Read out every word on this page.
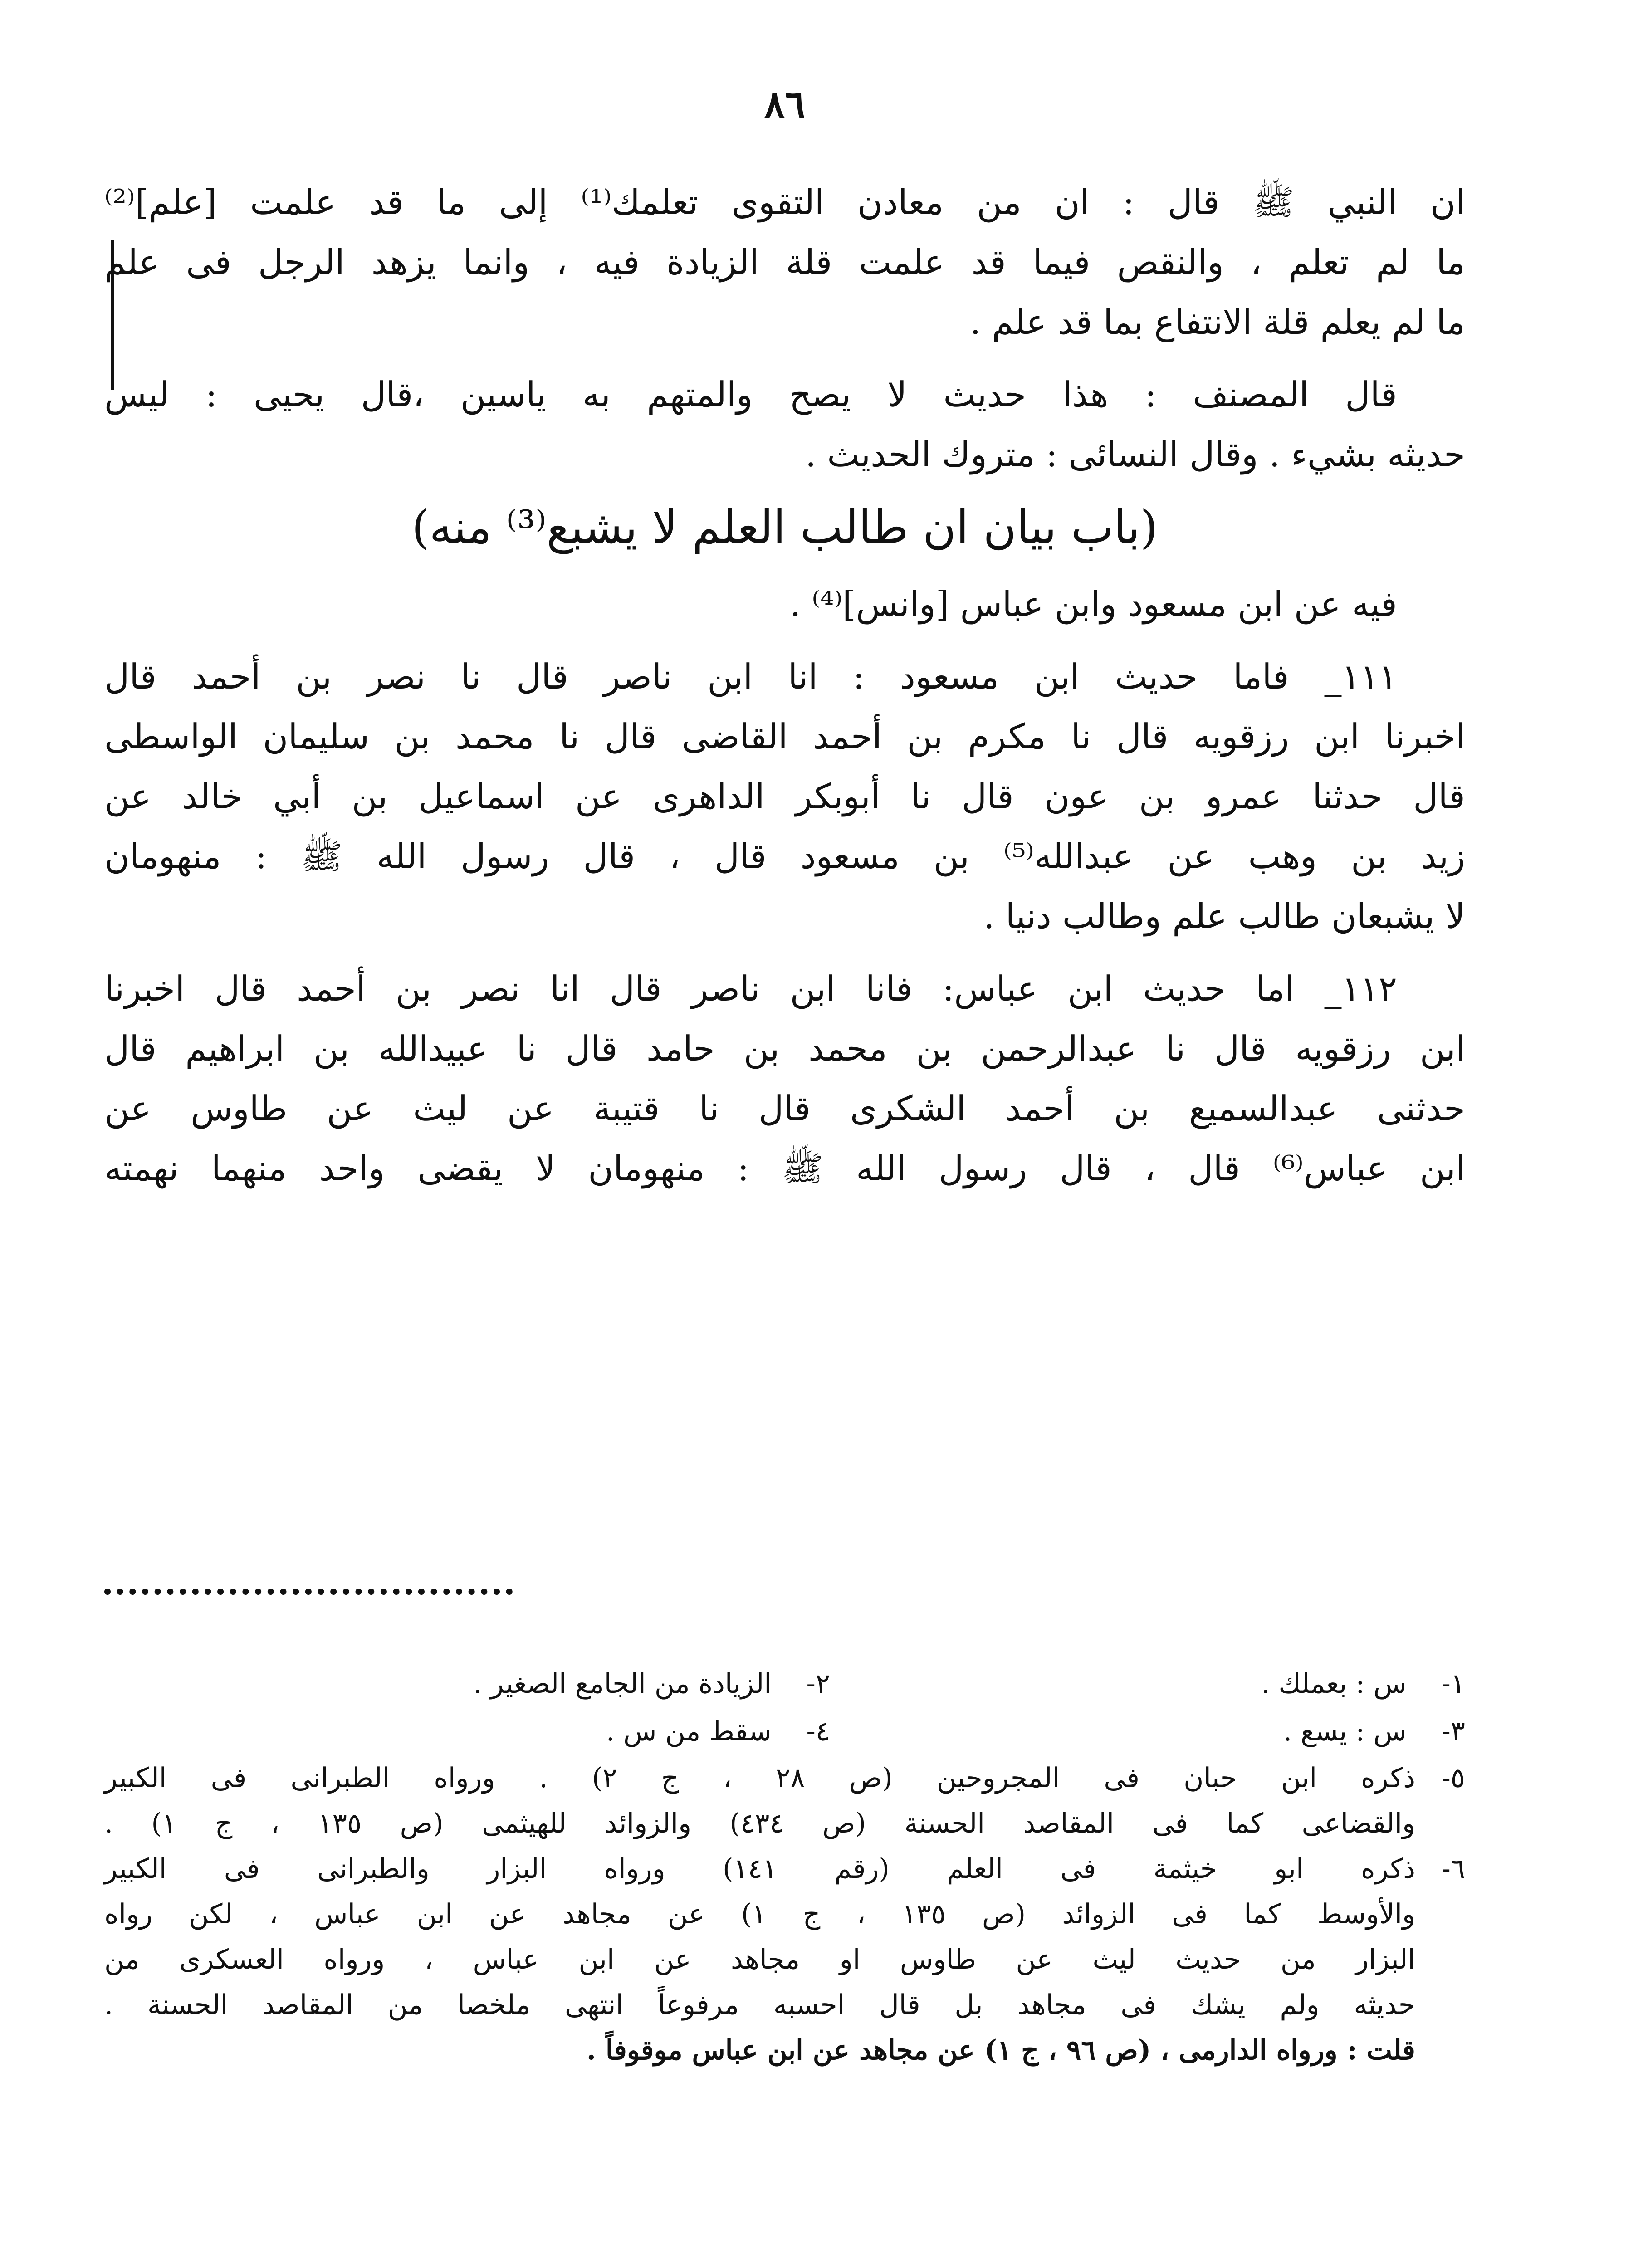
٨٦

ان النبي ﷺ قال : ان من معادن التقوى تعلمك⁽¹⁾ إلى ما قد علمت [علم]⁽²⁾

ما لم تعلم ، والنقص فيما قد علمت قلة الزيادة فيه ، وانما يزهد الرجل فى علم

ما لم يعلم قلة الانتفاع بما قد علم .

قال المصنف : هذا حديث لا يصح والمتهم به ياسين ،قال يحيى : ليس

حديثه بشيء . وقال النسائى : متروك الحديث .

(باب بيان ان طالب العلم لا يشبع⁽³⁾ منه)

فيه عن ابن مسعود وابن عباس [وانس]⁽⁴⁾ .

١١١_ فاما حديث ابن مسعود : انا ابن ناصر قال نا نصر بن أحمد قال

اخبرنا ابن رزقويه قال نا مكرم بن أحمد القاضى قال نا محمد بن سليمان الواسطى

قال حدثنا عمرو بن عون قال نا أبوبكر الداهرى عن اسماعيل بن أبي خالد عن

زيد بن وهب عن عبدالله⁽⁵⁾ بن مسعود قال ، قال رسول الله ﷺ : منهومان

لا يشبعان طالب علم وطالب دنيا .

١١٢_ اما حديث ابن عباس: فانا ابن ناصر قال انا نصر بن أحمد قال اخبرنا

ابن رزقويه قال نا عبدالرحمن بن محمد بن حامد قال نا عبيدالله بن ابراهيم قال

حدثنى عبدالسميع بن أحمد الشكرى قال نا قتيبة عن ليث عن طاوس عن

ابن عباس⁽⁶⁾ قال ، قال رسول الله ﷺ : منهومان لا يقضى واحد منهما نهمته

١- س : بعملك .
٢- الزيادة من الجامع الصغير .
٣- س : يسع .
٤- سقط من س .
٥-

ذكره ابن حبان فى المجروحين (ص ٢٨ ، ج ٢) . ورواه الطبرانى فى الكبير

والقضاعى كما فى المقاصد الحسنة (ص ٤٣٤) والزوائد للهيثمى (ص ١٣٥ ، ج ١) .

٦-

ذكره ابو خيثمة فى العلم (رقم ١٤١) ورواه البزار والطبرانى فى الكبير

والأوسط كما فى الزوائد (ص ١٣٥ ، ج ١) عن مجاهد عن ابن عباس ، لكن رواه

البزار من حديث ليث عن طاوس او مجاهد عن ابن عباس ، ورواه العسكرى من

حديثه ولم يشك فى مجاهد بل قال احسبه مرفوعاً انتهى ملخصا من المقاصد الحسنة .

قلت : ورواه الدارمى ، (ص ٩٦ ، ج ١) عن مجاهد عن ابن عباس موقوفاً .
